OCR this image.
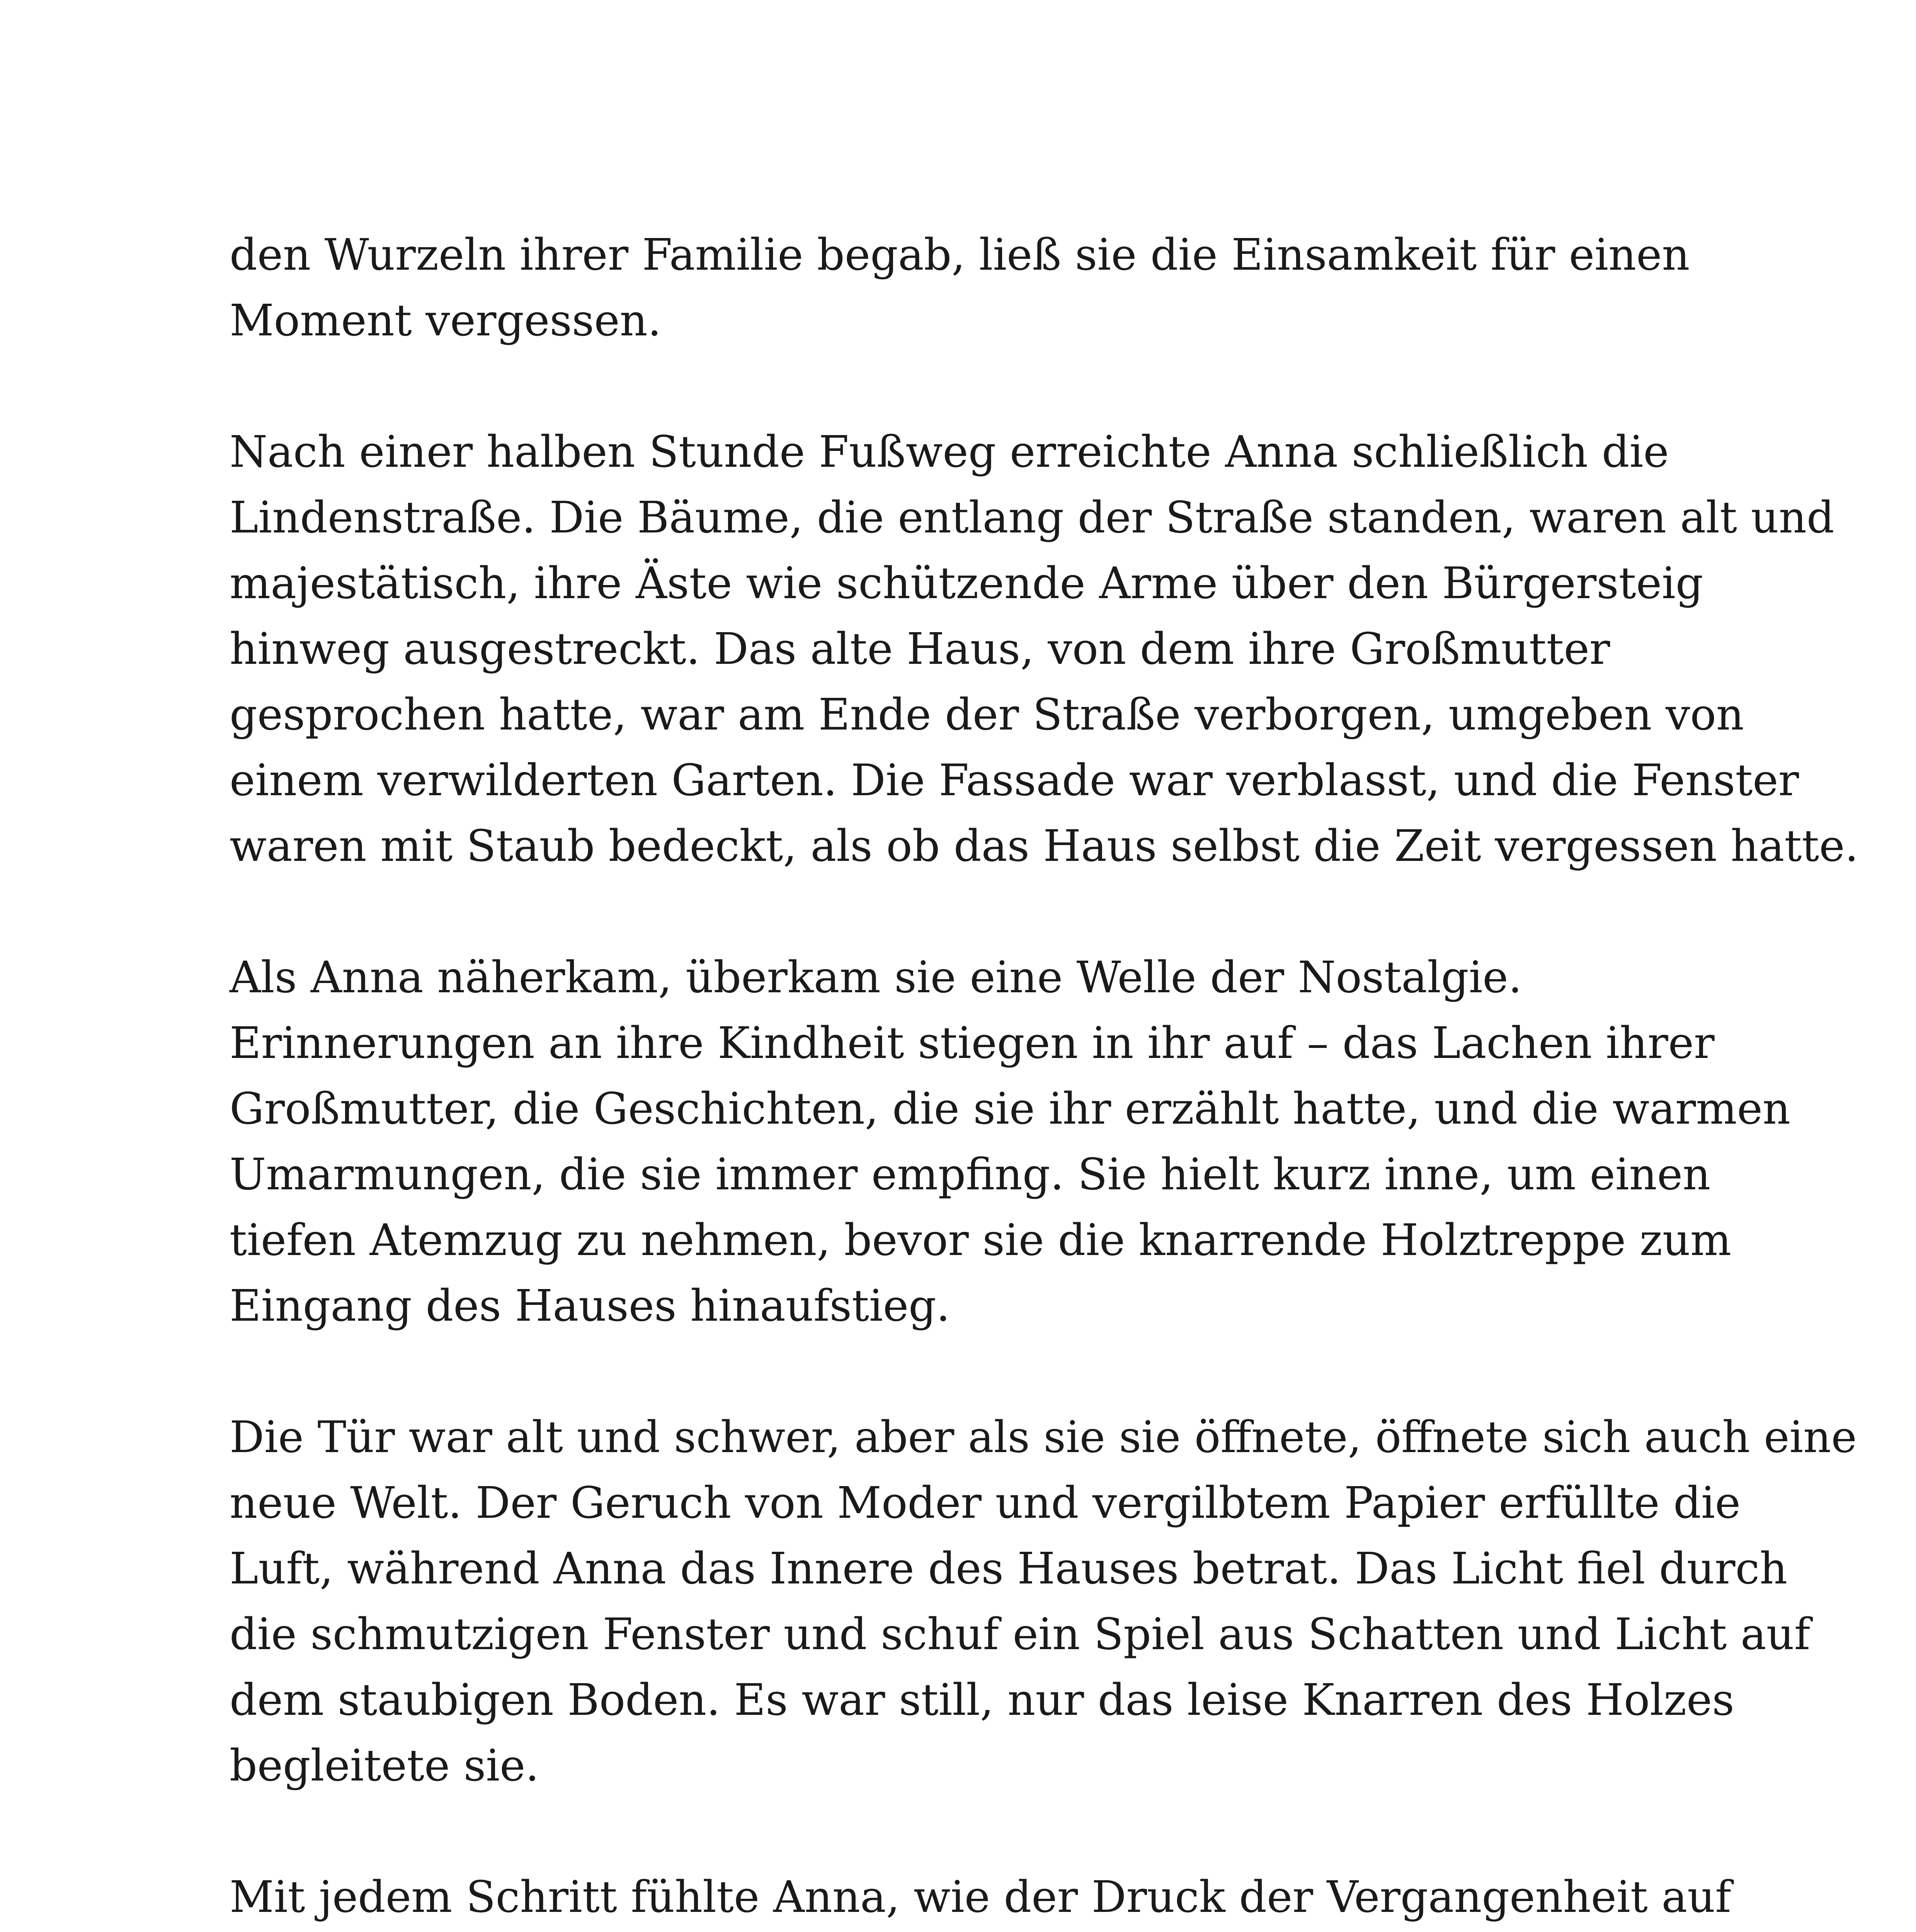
den Wurzeln ihrer Familie begab, ließ sie die Einsamkeit für einen
Moment vergessen.

Nach einer halben Stunde Fußweg erreichte Anna schließlich die
Lindenstraße. Die Bäume, die entlang der Straße standen, waren alt und
majestätisch, ihre Äste wie schützende Arme über den Bürgersteig
hinweg ausgestreckt. Das alte Haus, von dem ihre Großmutter
gesprochen hatte, war am Ende der Straße verborgen, umgeben von
einem verwilderten Garten. Die Fassade war verblasst, und die Fenster
waren mit Staub bedeckt, als ob das Haus selbst die Zeit vergessen hatte.

Als Anna näherkam, überkam sie eine Welle der Nostalgie.
Erinnerungen an ihre Kindheit stiegen in ihr auf – das Lachen ihrer
Großmutter, die Geschichten, die sie ihr erzählt hatte, und die warmen
Umarmungen, die sie immer empfing. Sie hielt kurz inne, um einen
tiefen Atemzug zu nehmen, bevor sie die knarrende Holztreppe zum
Eingang des Hauses hinaufstieg.

Die Tür war alt und schwer, aber als sie sie öffnete, öffnete sich auch eine
neue Welt. Der Geruch von Moder und vergilbtem Papier erfüllte die
Luft, während Anna das Innere des Hauses betrat. Das Licht fiel durch
die schmutzigen Fenster und schuf ein Spiel aus Schatten und Licht auf
dem staubigen Boden. Es war still, nur das leise Knarren des Holzes
begleitete sie.

Mit jedem Schritt fühlte Anna, wie der Druck der Vergangenheit auf
